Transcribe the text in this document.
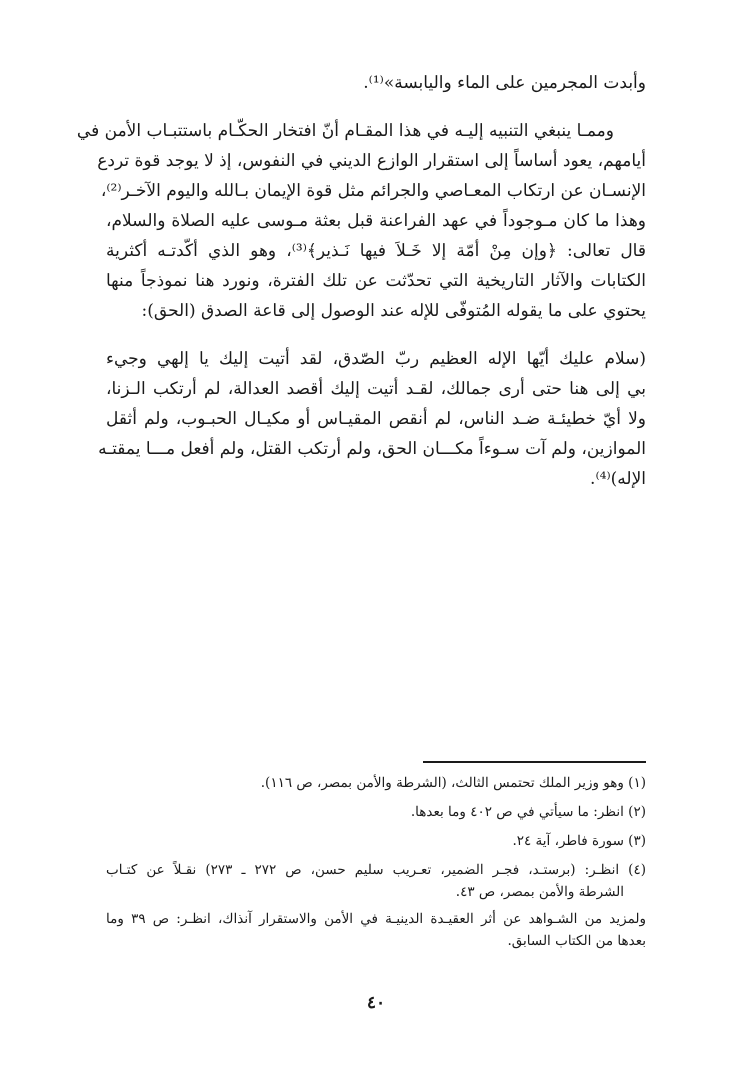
وأبدت المجرمين على الماء واليابسة»⁽¹⁾.
وممـا ينبغي التنبيه إليـه في هذا المقـام أنّ افتخار الحكّـام باستتبـاب الأمن في
أيامهم، يعود أساساً إلى استقرار الوازع الديني في النفوس، إذ لا يوجد قوة تردع
الإنسـان عن ارتكاب المعـاصي والجرائم مثل قوة الإيمان بـالله واليوم الآخـر⁽²⁾،
وهذا ما كان مـوجوداً في عهد الفراعنة قبل بعثة مـوسى عليه الصلاة والسلام،
قال تعالى: ﴿وإن مِنْ أمّة إلا خَـلاَ فيها نَـذير﴾⁽³⁾، وهو الذي أكّدتـه أكثرية
الكتابات والآثار التاريخية التي تحدّثت عن تلك الفترة، ونورد هنا نموذجاً منها
يحتوي على ما يقوله المُتوفّى للإله عند الوصول إلى قاعة الصدق (الحق):
(سلام عليك أيّها الإله العظيم ربّ الصّدق، لقد أتيت إليك يا إلهي وجيء
بي إلى هنا حتى أرى جمالك، لقـد أتيت إليك أقصد العدالة، لم أرتكب الـزنا،
ولا أيّ خطيئـة ضـد الناس، لم أنقص المقيـاس أو مكيـال الحبـوب، ولم أثقل
الموازين، ولم آت سـوءاً مكـــان الحق، ولم أرتكب القتل، ولم أفعل مـــا يمقتـه
الإله)⁽⁴⁾.
(١) وهو وزير الملك تحتمس الثالث، (الشرطة والأمن بمصر، ص ١١٦).
(٢) انظر: ما سيأتي في ص ٤٠٢ وما بعدها.
(٣) سورة فاطر، آية ٢٤.
(٤) انظـر: (برستـد، فجـر الضمير، تعـريب سليم حسن، ص ٢٧٢ ـ ٢٧٣) نقـلاً عن كتـاب
الشرطة والأمن بمصر، ص ٤٣.
ولمزيد من الشـواهد عن أثر العقيـدة الدينيـة في الأمن والاستقرار آنذاك، انظـر: ص ٣٩ وما
بعدها من الكتاب السابق.
٤٠
